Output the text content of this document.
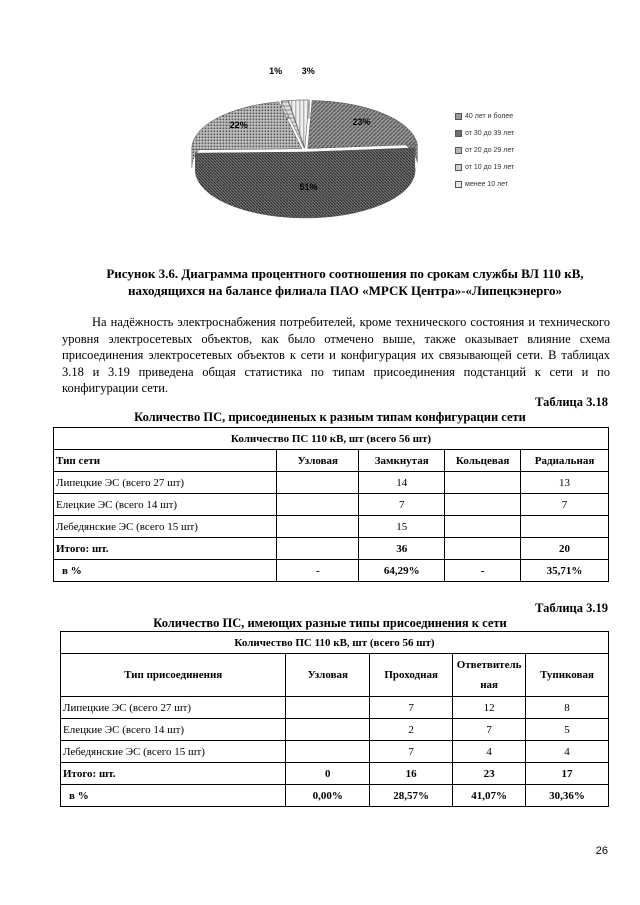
23%
51%
22%
1% 3%
40 лет и более
от 30 до 39 лет
от 20 до 29 лет
от 10 до 19 лет
менее 10 лет
Рисунок 3.6. Диаграмма процентного соотношения по срокам службы ВЛ 110 кВ,
находящихся на балансе филиала ПАО «МРСК Центра»-«Липецкэнерго»
На надёжность электроснабжения потребителей, кроме технического состояния и технического уровня электросетевых объектов, как было отмечено выше, также оказывает влияние схема присоединения электросетевых объектов к сети и конфигурация их связывающей сети. В таблицах 3.18 и 3.19 приведена общая статистика по типам присоединения подстанций к сети и по конфигурации сети.
Таблица 3.18
Количество ПС, присоединеных к разным типам конфигурации сети
Количество ПС 110 кВ, шт (всего 56 шт)				
Тип сети	Узловая	Замкнутая	Кольцевая	Радиальная
Липецкие ЭС (всего 27 шт)		14		13
Елецкие ЭС (всего 14 шт)		7		7
Лебедянские ЭС (всего 15 шт)		15		
Итого: шт.		36		20
в %	-	64,29%	-	35,71%
Таблица 3.19
Количество ПС, имеющих разные типы присоединения к сети
Количество ПС 110 кВ, шт (всего 56 шт)				
Тип присоединения	Узловая	Проходная	Ответвитель ная	Тупиковая
Липецкие ЭС (всего 27 шт)		7	12	8
Елецкие ЭС (всего 14 шт)		2	7	5
Лебедянские ЭС (всего 15 шт)		7	4	4
Итого: шт.	0	16	23	17
в %	0,00%	28,57%	41,07%	30,36%
26
